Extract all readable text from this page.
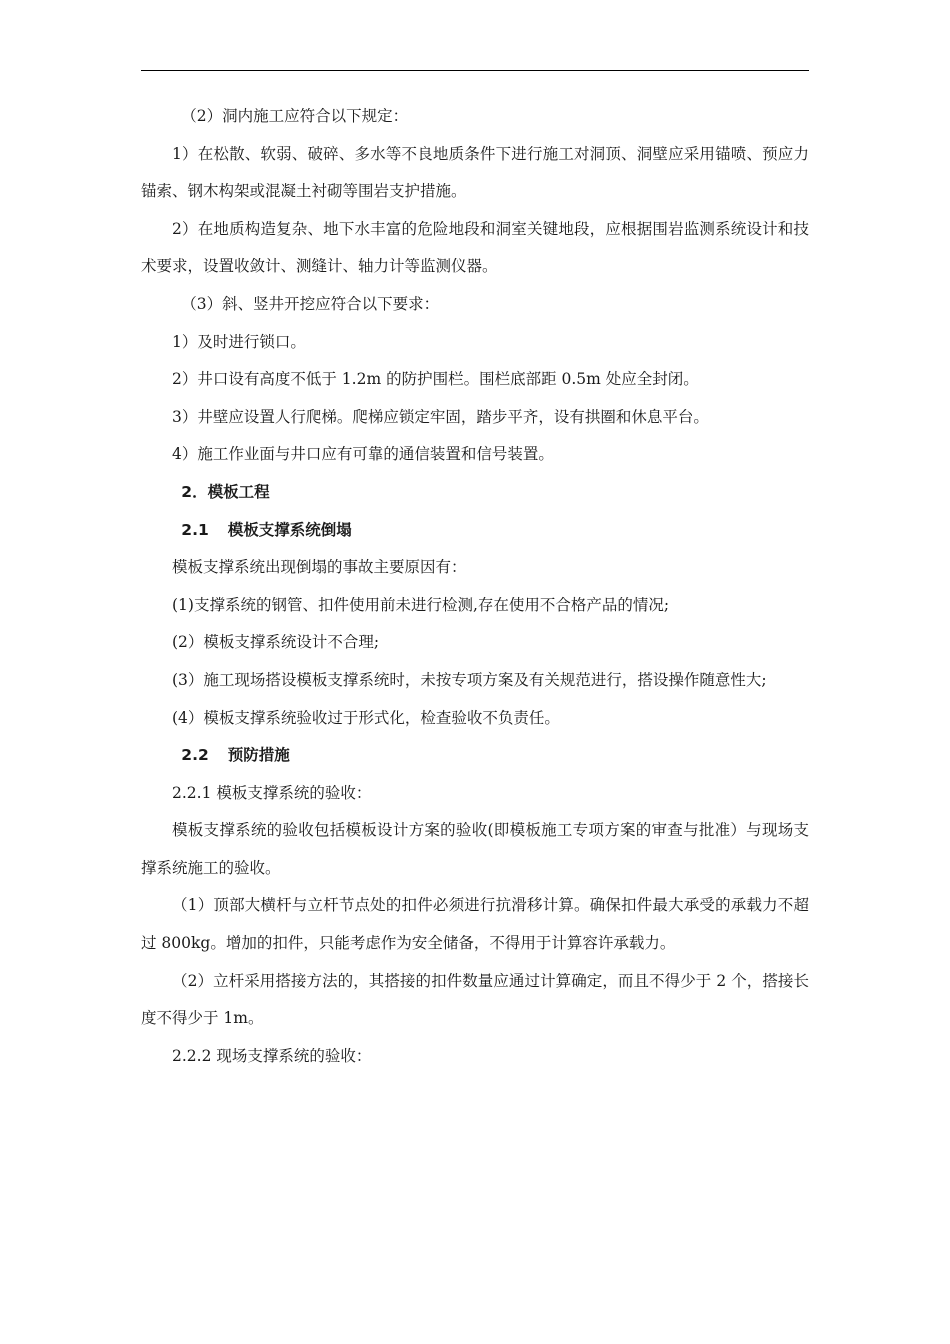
（2）洞内施工应符合以下规定：

1）在松散、软弱、破碎、多水等不良地质条件下进行施工对洞顶、洞壁应采用锚喷、预应力锚索、钢木构架或混凝土衬砌等围岩支护措施。

2）在地质构造复杂、地下水丰富的危险地段和洞室关键地段，应根据围岩监测系统设计和技术要求，设置收敛计、测缝计、轴力计等监测仪器。

（3）斜、竖井开挖应符合以下要求：

1）及时进行锁口。

2）井口设有高度不低于 1.2m 的防护围栏。围栏底部距 0.5m 处应全封闭。

3）井壁应设置人行爬梯。爬梯应锁定牢固，踏步平齐，设有拱圈和休息平台。

4）施工作业面与井口应有可靠的通信装置和信号装置。

2．模板工程

2.1 模板支撑系统倒塌

模板支撑系统出现倒塌的事故主要原因有：

(1)支撑系统的钢管、扣件使用前未进行检测,存在使用不合格产品的情况;

(2）模板支撑系统设计不合理;

(3）施工现场搭设模板支撑系统时，未按专项方案及有关规范进行，搭设操作随意性大;

(4）模板支撑系统验收过于形式化，检查验收不负责任。

2.2 预防措施

2.2.1 模板支撑系统的验收：

模板支撑系统的验收包括模板设计方案的验收(即模板施工专项方案的审查与批准）与现场支撑系统施工的验收。

（1）顶部大横杆与立杆节点处的扣件必须进行抗滑移计算。确保扣件最大承受的承载力不超过 800kg。增加的扣件，只能考虑作为安全储备，不得用于计算容许承载力。

（2）立杆采用搭接方法的，其搭接的扣件数量应通过计算确定，而且不得少于 2 个，搭接长度不得少于 1m。

2.2.2 现场支撑系统的验收：
